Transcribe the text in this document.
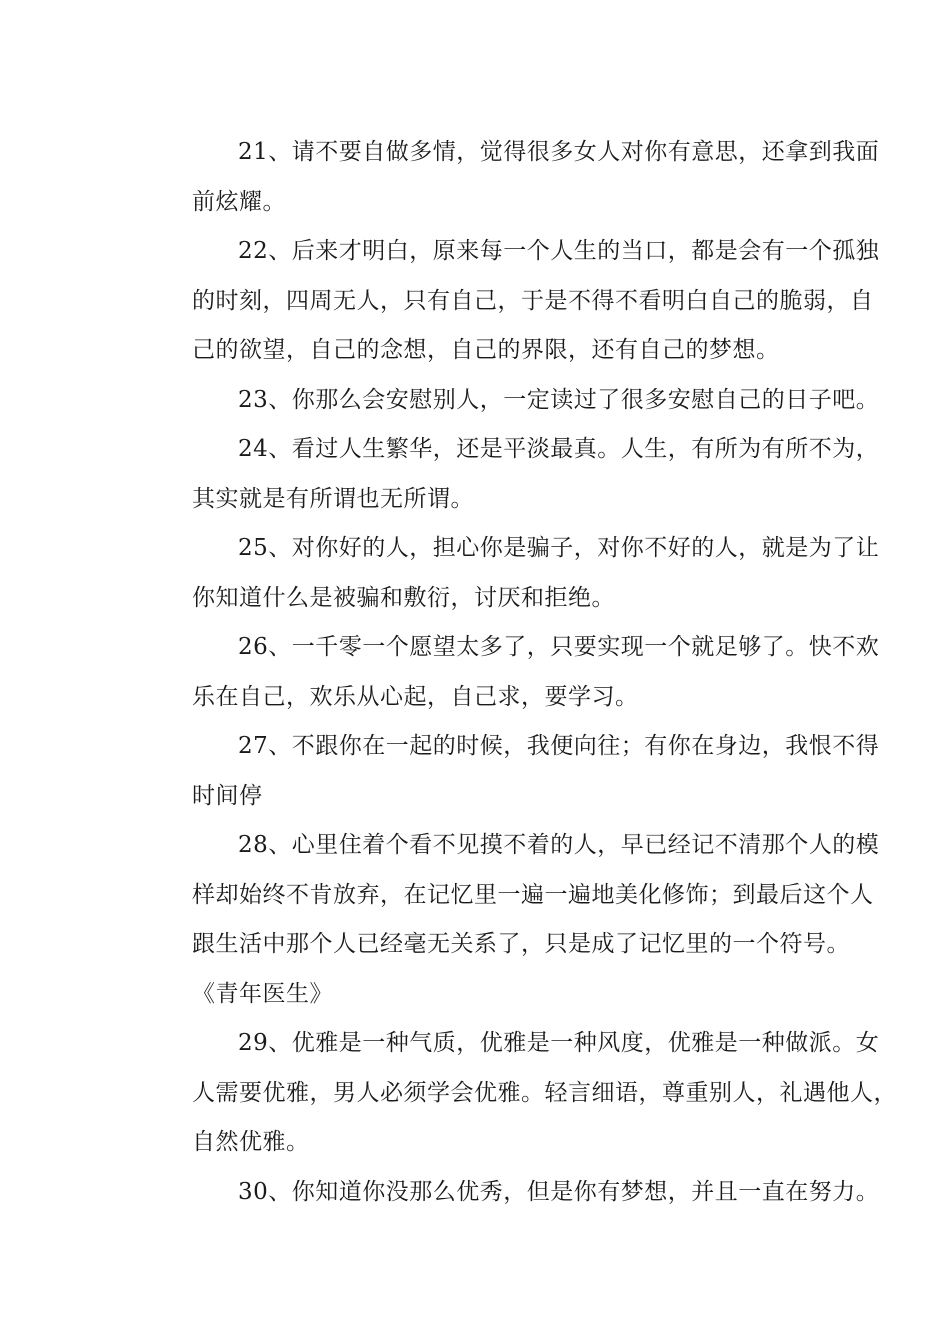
21、请不要自做多情，觉得很多女人对你有意思，还拿到我面
前炫耀。
22、后来才明白，原来每一个人生的当口，都是会有一个孤独
的时刻，四周无人，只有自己，于是不得不看明白自己的脆弱，自
己的欲望，自己的念想，自己的界限，还有自己的梦想。
23、你那么会安慰别人，一定读过了很多安慰自己的日子吧。
24、看过人生繁华，还是平淡最真。人生，有所为有所不为，
其实就是有所谓也无所谓。
25、对你好的人，担心你是骗子，对你不好的人，就是为了让
你知道什么是被骗和敷衍，讨厌和拒绝。
26、一千零一个愿望太多了，只要实现一个就足够了。快不欢
乐在自己，欢乐从心起，自己求，要学习。
27、不跟你在一起的时候，我便向往；有你在身边，我恨不得
时间停
28、心里住着个看不见摸不着的人，早已经记不清那个人的模
样却始终不肯放弃，在记忆里一遍一遍地美化修饰；到最后这个人
跟生活中那个人已经毫无关系了，只是成了记忆里的一个符号。
《青年医生》
29、优雅是一种气质，优雅是一种风度，优雅是一种做派。女
人需要优雅，男人必须学会优雅。轻言细语，尊重别人，礼遇他人，
自然优雅。
30、你知道你没那么优秀，但是你有梦想，并且一直在努力。
